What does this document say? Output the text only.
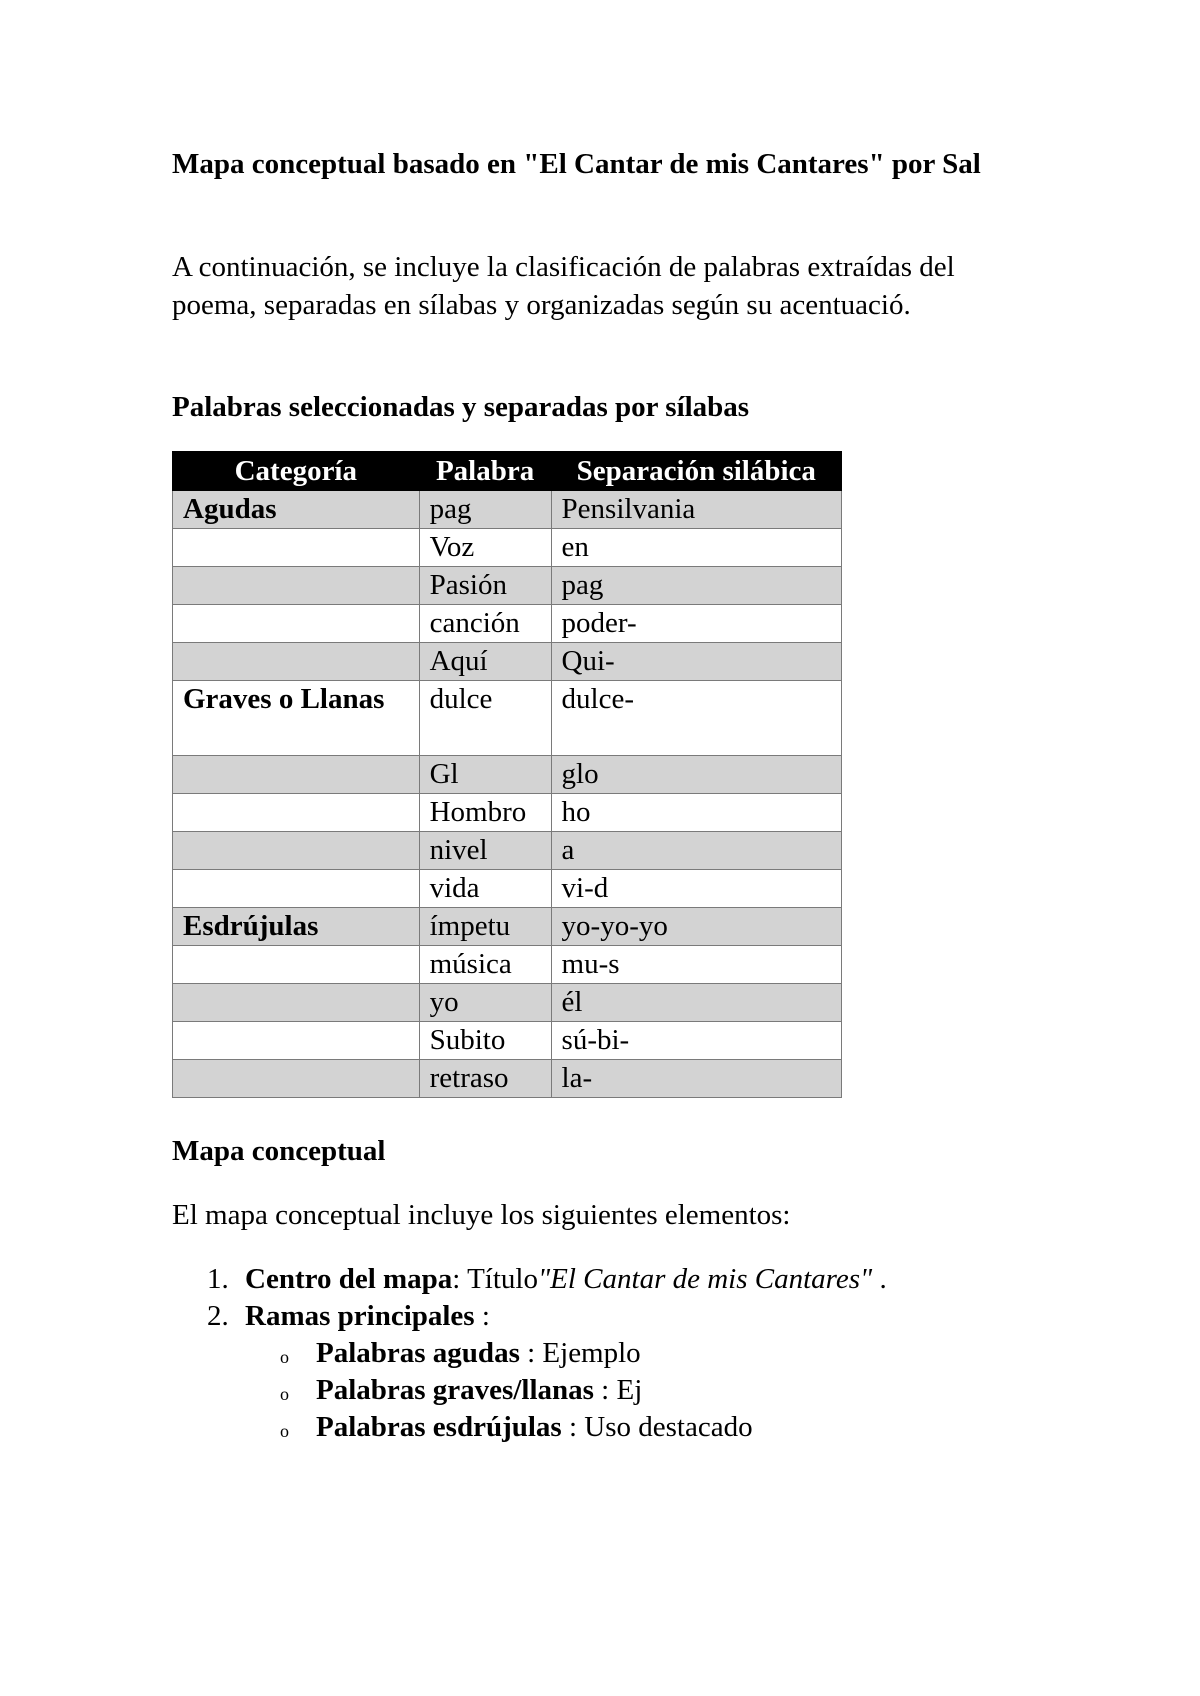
Mapa conceptual basado en "El Cantar de mis Cantares" por Sal

A continuación, se incluye la clasificación de palabras extraídas del poema, separadas en sílabas y organizadas según su acentuació.

Palabras seleccionadas y separadas por sílabas
Categoría	Palabra	Separación silábica
Agudas	pag	Pensilvania
	Voz	en
	Pasión	pag
	canción	poder-
	Aquí	Qui-
Graves o Llanas	dulce	dulce-
	Gl	glo
	Hombro	ho
	nivel	a
	vida	vi-d
Esdrújulas	ímpetu	yo-yo-yo
	música	mu-s
	yo	él
	Subito	sú-bi-
	retraso	la-
Mapa conceptual

El mapa conceptual incluye los siguientes elementos:

1. Centro del mapa: Título"El Cantar de mis Cantares" .
2. Ramas principales :
o Palabras agudas : Ejemplo
o Palabras graves/llanas : Ej
o Palabras esdrújulas : Uso destacado
